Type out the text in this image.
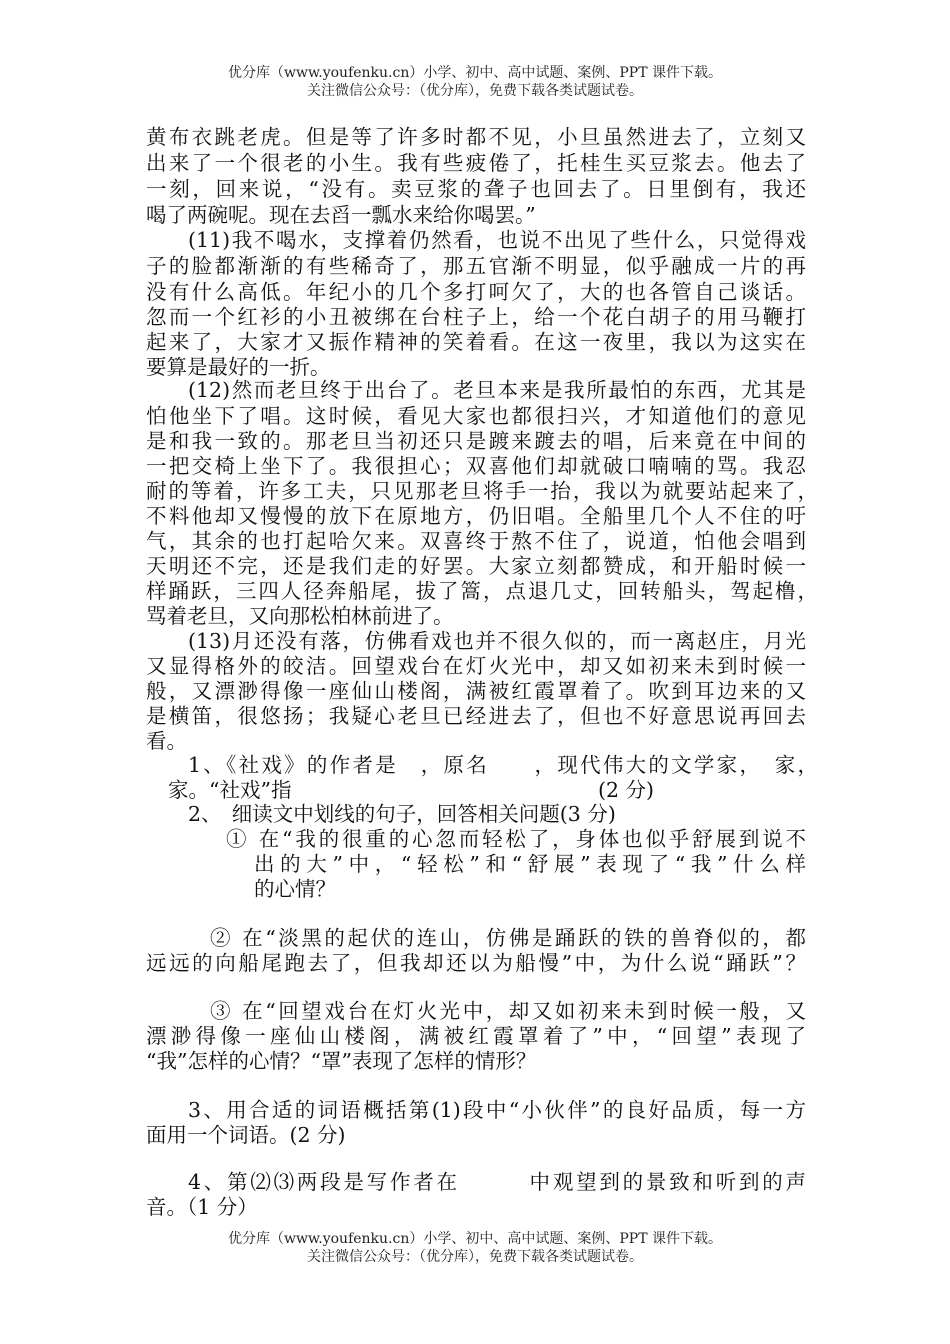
优分库（www.youfenku.cn）小学、初中、高中试题、案例、PPT 课件下载。
关注微信公众号：（优分库），免费下载各类试题试卷。
黄布衣跳老虎。但是等了许多时都不见，小旦虽然进去了，立刻又
出来了一个很老的小生。我有些疲倦了，托桂生买豆浆去。他去了
一刻，回来说，“没有。卖豆浆的聋子也回去了。日里倒有，我还
喝了两碗呢。现在去舀一瓢水来给你喝罢。”
(11)我不喝水，支撑着仍然看，也说不出见了些什么，只觉得戏
子的脸都渐渐的有些稀奇了，那五官渐不明显，似乎融成一片的再
没有什么高低。年纪小的几个多打呵欠了，大的也各管自己谈话。
忽而一个红衫的小丑被绑在台柱子上，给一个花白胡子的用马鞭打
起来了，大家才又振作精神的笑着看。在这一夜里，我以为这实在
要算是最好的一折。
(12)然而老旦终于出台了。老旦本来是我所最怕的东西，尤其是
怕他坐下了唱。这时候，看见大家也都很扫兴，才知道他们的意见
是和我一致的。那老旦当初还只是踱来踱去的唱，后来竟在中间的
一把交椅上坐下了。我很担心；双喜他们却就破口喃喃的骂。我忍
耐的等着，许多工夫，只见那老旦将手一抬，我以为就要站起来了，
不料他却又慢慢的放下在原地方，仍旧唱。全船里几个人不住的吁
气，其余的也打起哈欠来。双喜终于熬不住了，说道，怕他会唱到
天明还不完，还是我们走的好罢。大家立刻都赞成，和开船时候一
样踊跃，三四人径奔船尾，拔了篙，点退几丈，回转船头，驾起橹，
骂着老旦，又向那松柏林前进了。
(13)月还没有落，仿佛看戏也并不很久似的，而一离赵庄，月光
又显得格外的皎洁。回望戏台在灯火光中，却又如初来未到时候一
般，又漂渺得像一座仙山楼阁，满被红霞罩着了。吹到耳边来的又
是横笛，很悠扬；我疑心老旦已经进去了，但也不好意思说再回去
看。
1、《社戏》的作者是　，原名　　，现代伟大的文学家，　家，
家。“社戏”指	(2 分)
2、　细读文中划线的句子，回答相关问题(3 分)
① 在“我的很重的心忽而轻松了，身体也似乎舒展到说不
出的大”中，“轻松”和“舒展”表现了“我”什么样
的心情？
② 在“淡黑的起伏的连山，仿佛是踊跃的铁的兽脊似的，都
远远的向船尾跑去了，但我却还以为船慢”中，为什么说“踊跃”？
③ 在“回望戏台在灯火光中，却又如初来未到时候一般，又
漂渺得像一座仙山楼阁，满被红霞罩着了”中，“回望”表现了
“我”怎样的心情？“罩”表现了怎样的情形？
3、用合适的词语概括第(1)段中“小伙伴”的良好品质，每一方
面用一个词语。(2 分)
4、第⑵⑶两段是写作者在　　　中观望到的景致和听到的声
音。（1 分）
优分库（www.youfenku.cn）小学、初中、高中试题、案例、PPT 课件下载。
关注微信公众号：（优分库），免费下载各类试题试卷。
